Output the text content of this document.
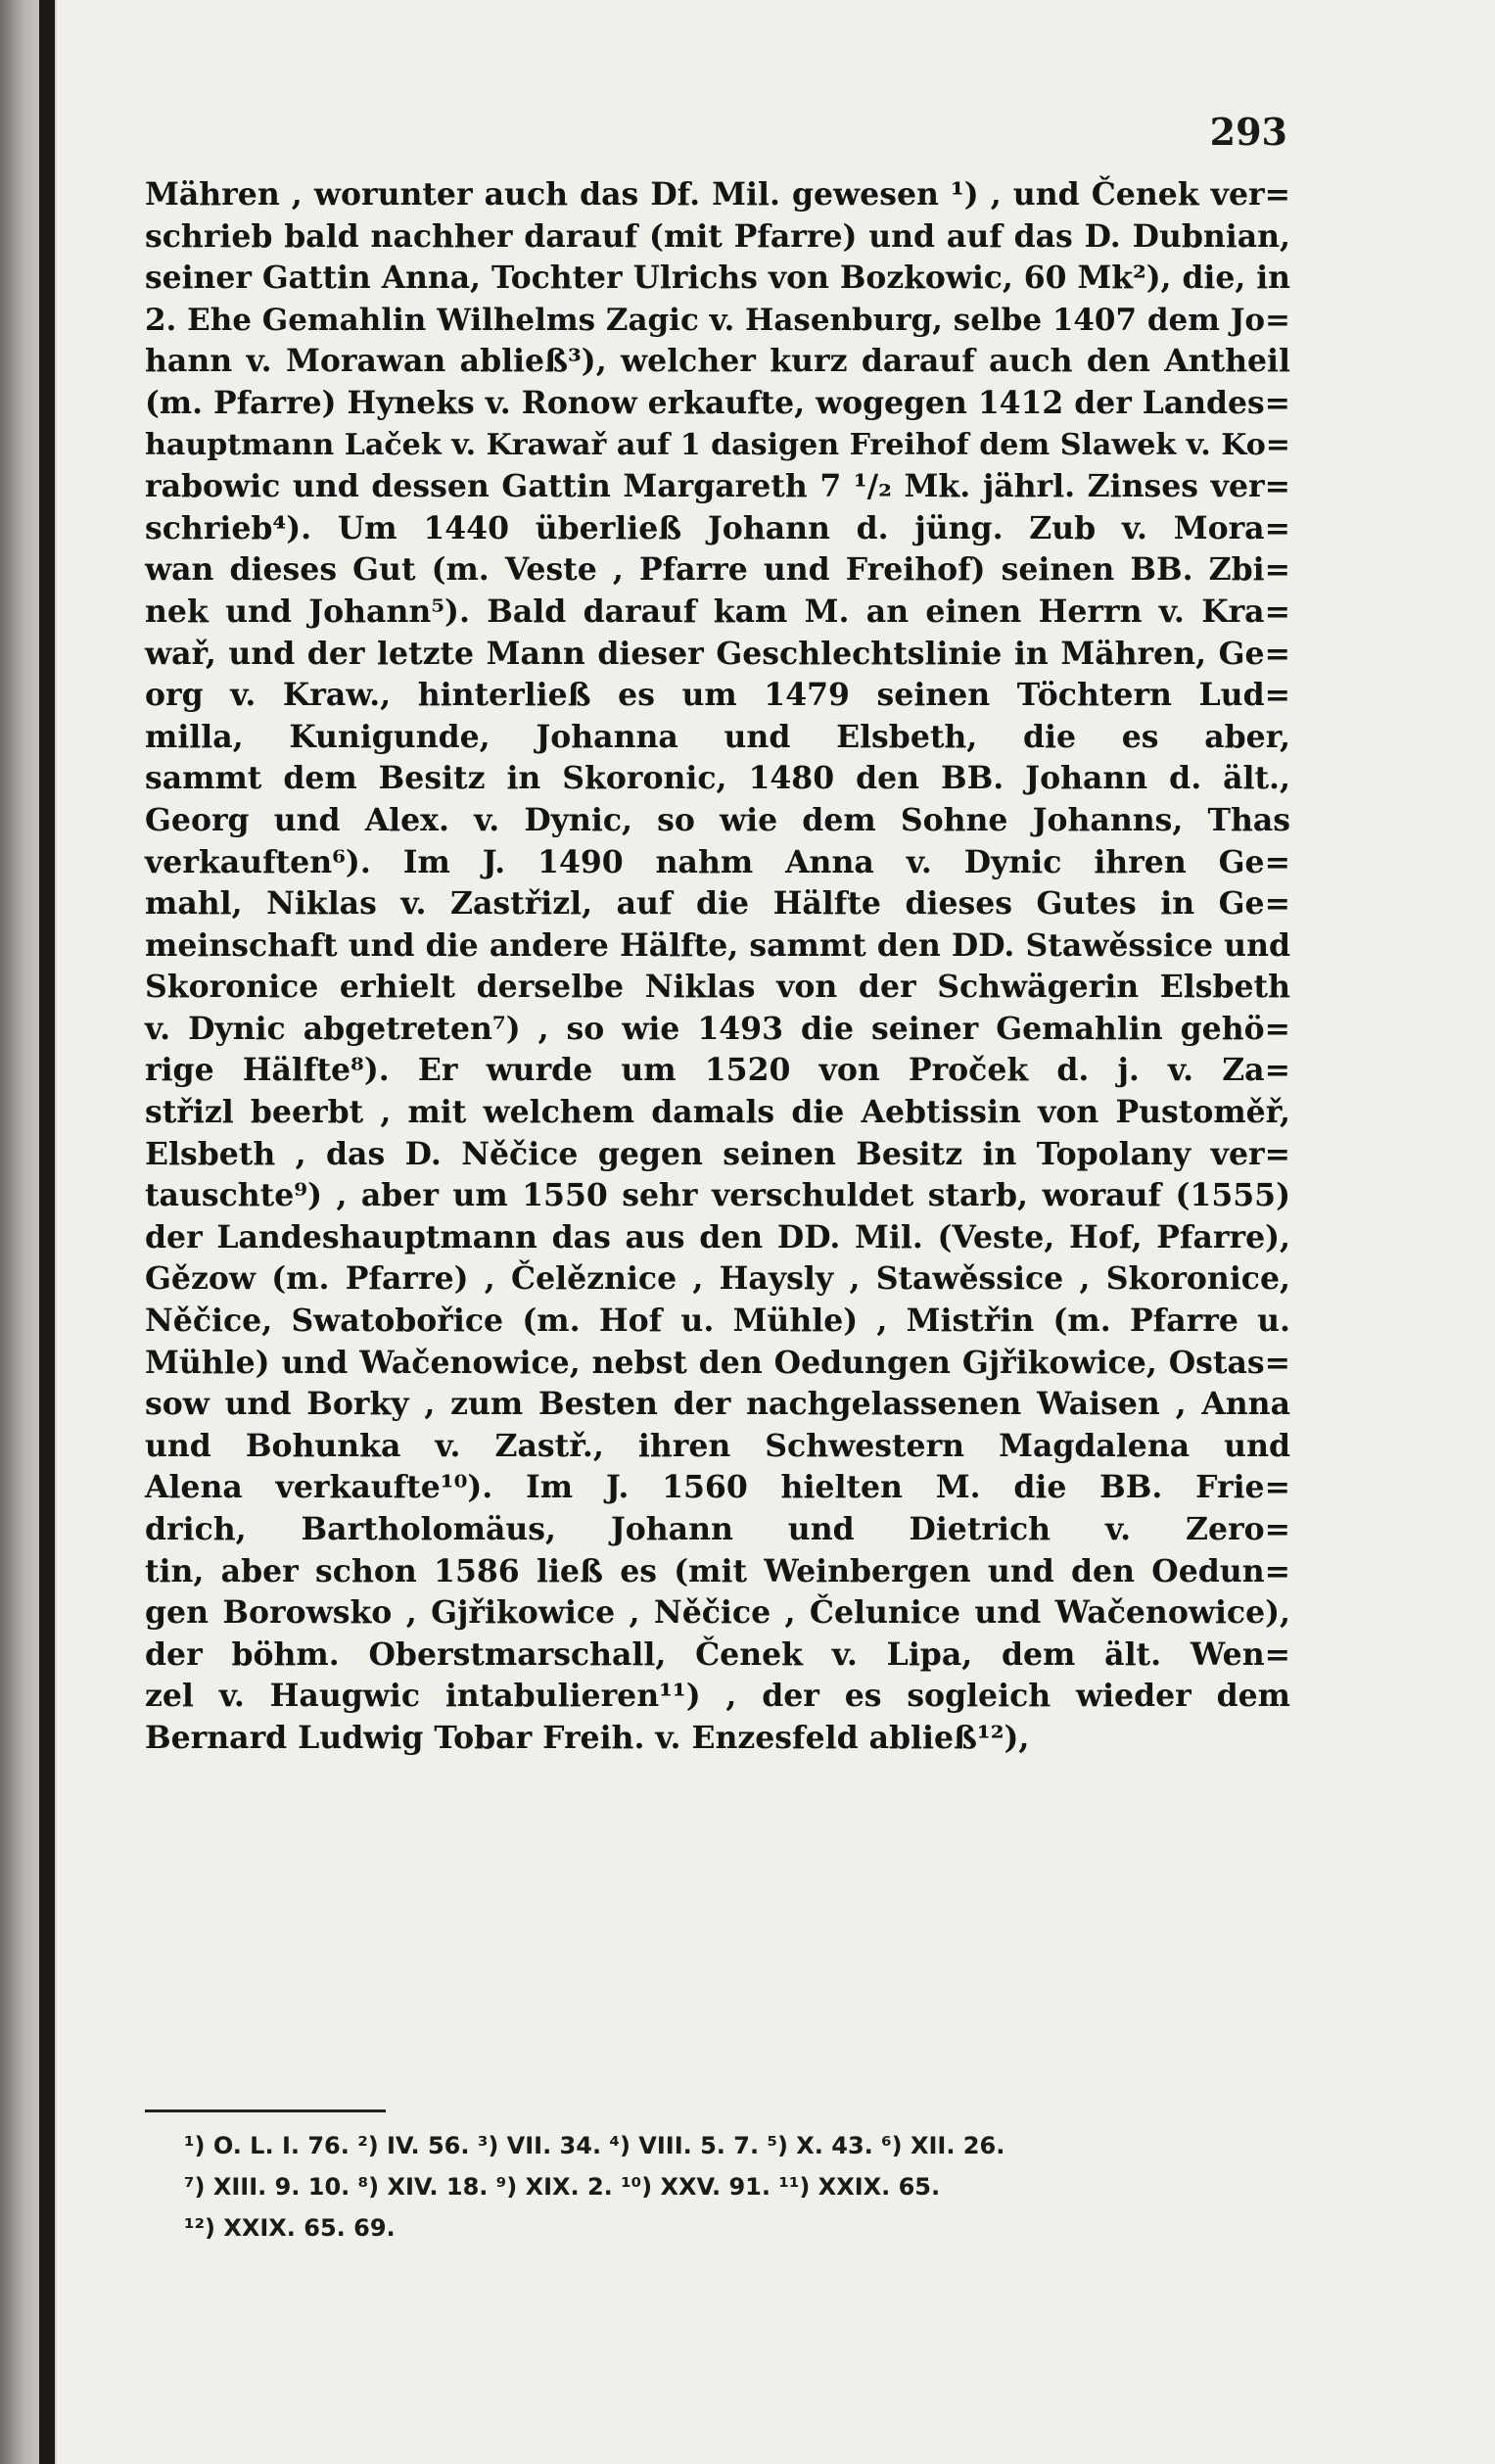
293
Mähren , worunter auch das Df. Mil. gewesen ¹) , und Čenek ver=
schrieb bald nachher darauf (mit Pfarre) und auf das D. Dubnian,
seiner Gattin Anna, Tochter Ulrichs von Bozkowic, 60 Mk²), die, in
2. Ehe Gemahlin Wilhelms Zagic v. Hasenburg, selbe 1407 dem Jo=
hann v. Morawan abließ³), welcher kurz darauf auch den Antheil
(m. Pfarre) Hyneks v. Ronow erkaufte, wogegen 1412 der Landes=
hauptmann Laček v. Krawař auf 1 dasigen Freihof dem Slawek v. Ko=
rabowic und dessen Gattin Margareth 7 ¹/₂ Mk. jährl. Zinses ver=
schrieb⁴). Um 1440 überließ Johann d. jüng. Zub v. Mora=
wan dieses Gut (m. Veste , Pfarre und Freihof) seinen BB. Zbi=
nek und Johann⁵). Bald darauf kam M. an einen Herrn v. Kra=
wař, und der letzte Mann dieser Geschlechtslinie in Mähren, Ge=
org v. Kraw., hinterließ es um 1479 seinen Töchtern Lud=
milla, Kunigunde, Johanna und Elsbeth, die es aber,
sammt dem Besitz in Skoronic, 1480 den BB. Johann d. ält.,
Georg und Alex. v. Dynic, so wie dem Sohne Johanns, Thas
verkauften⁶). Im J. 1490 nahm Anna v. Dynic ihren Ge=
mahl, Niklas v. Zastřizl, auf die Hälfte dieses Gutes in Ge=
meinschaft und die andere Hälfte, sammt den DD. Stawěssice und
Skoronice erhielt derselbe Niklas von der Schwägerin Elsbeth
v. Dynic abgetreten⁷) , so wie 1493 die seiner Gemahlin gehö=
rige Hälfte⁸). Er wurde um 1520 von Proček d. j. v. Za=
střizl beerbt , mit welchem damals die Aebtissin von Pustoměř,
Elsbeth , das D. Něčice gegen seinen Besitz in Topolany ver=
tauschte⁹) , aber um 1550 sehr verschuldet starb, worauf (1555)
der Landeshauptmann das aus den DD. Mil. (Veste, Hof, Pfarre),
Gězow (m. Pfarre) , Čelěznice , Haysly , Stawěssice , Skoronice,
Něčice, Swatobořice (m. Hof u. Mühle) , Mistřin (m. Pfarre u.
Mühle) und Wačenowice, nebst den Oedungen Gjřikowice, Ostas=
sow und Borky , zum Besten der nachgelassenen Waisen , Anna
und Bohunka v. Zastř., ihren Schwestern Magdalena und
Alena verkaufte¹⁰). Im J. 1560 hielten M. die BB. Frie=
drich, Bartholomäus, Johann und Dietrich v. Zero=
tin, aber schon 1586 ließ es (mit Weinbergen und den Oedun=
gen Borowsko , Gjřikowice , Něčice , Čelunice und Wačenowice),
der böhm. Oberstmarschall, Čenek v. Lipa, dem ält. Wen=
zel v. Haugwic intabulieren¹¹) , der es sogleich wieder dem
Bernard Ludwig Tobar Freih. v. Enzesfeld abließ¹²),
¹) O. L. I. 76. ²) IV. 56. ³) VII. 34. ⁴) VIII. 5. 7. ⁵) X. 43. ⁶) XII. 26.
⁷) XIII. 9. 10. ⁸) XIV. 18. ⁹) XIX. 2. ¹⁰) XXV. 91. ¹¹) XXIX. 65.
¹²) XXIX. 65. 69.
